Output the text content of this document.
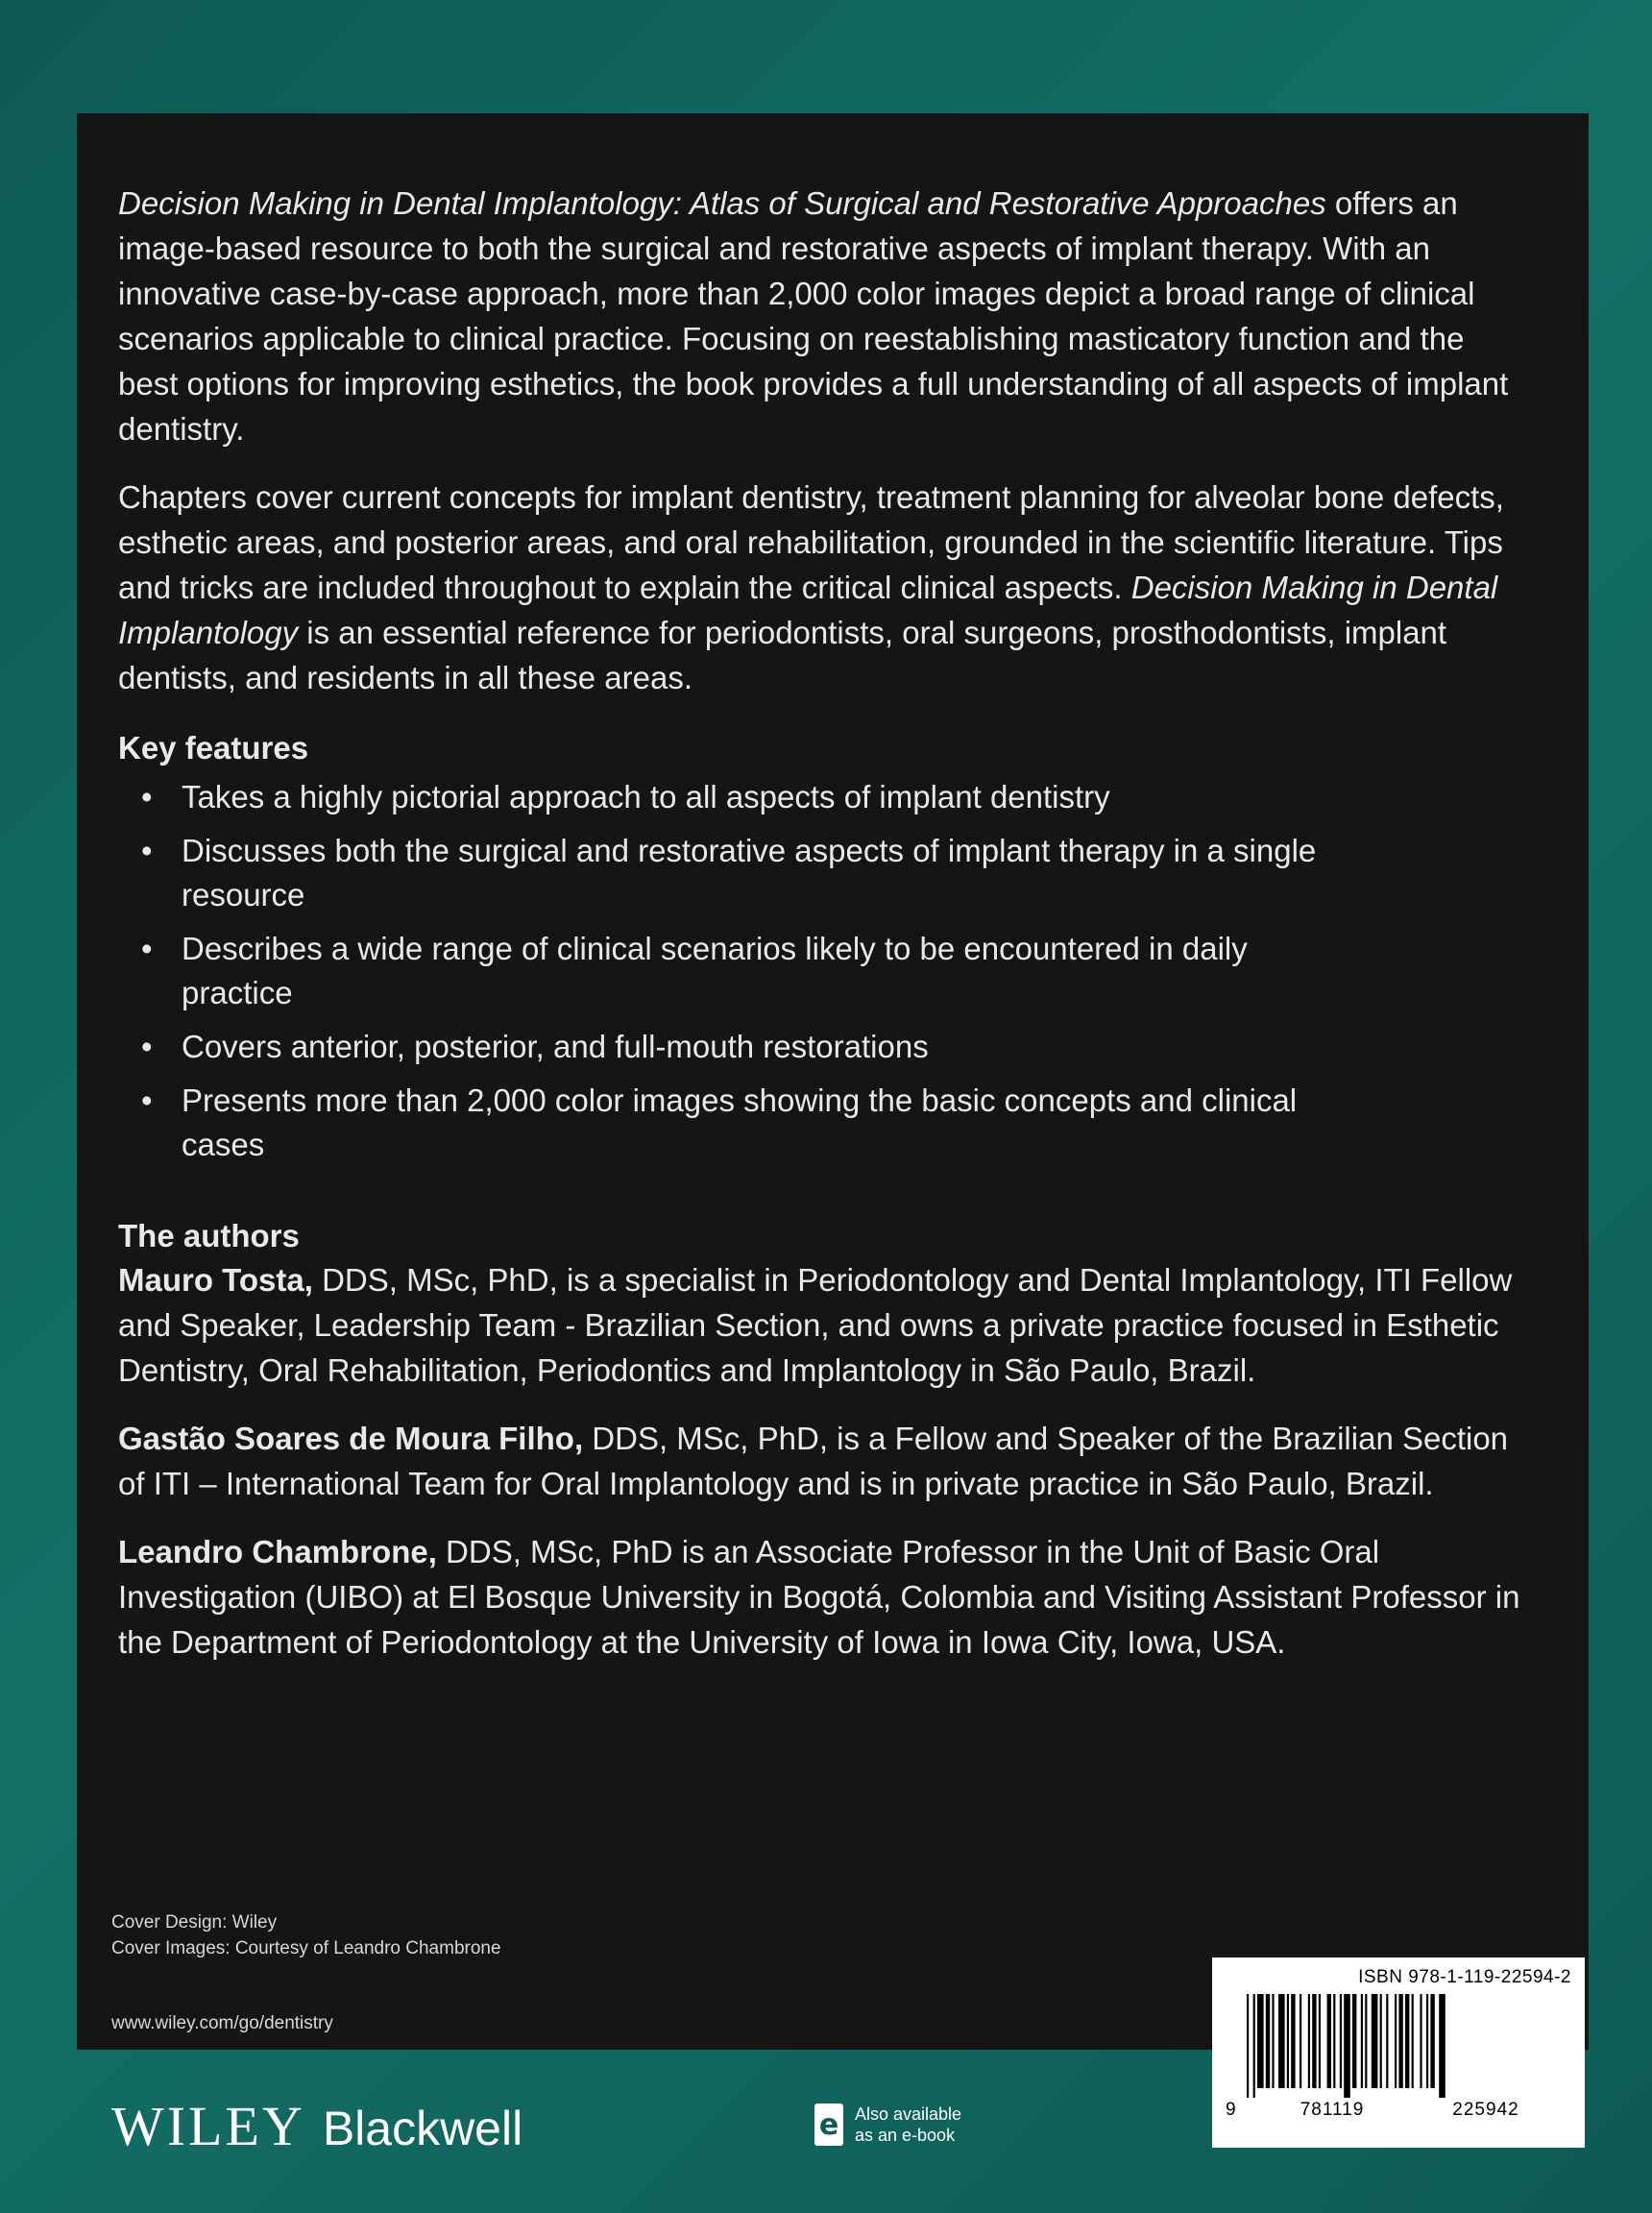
Decision Making in Dental Implantology: Atlas of Surgical and Restorative Approaches offers an image-based resource to both the surgical and restorative aspects of implant therapy. With an innovative case-by-case approach, more than 2,000 color images depict a broad range of clinical scenarios applicable to clinical practice. Focusing on reestablishing masticatory function and the best options for improving esthetics, the book provides a full understanding of all aspects of implant dentistry.

Chapters cover current concepts for implant dentistry, treatment planning for alveolar bone defects, esthetic areas, and posterior areas, and oral rehabilitation, grounded in the scientific literature. Tips and tricks are included throughout to explain the critical clinical aspects. Decision Making in Dental Implantology is an essential reference for periodontists, oral surgeons, prosthodontists, implant dentists, and residents in all these areas.

Key features

• Takes a highly pictorial approach to all aspects of implant dentistry
• Discusses both the surgical and restorative aspects of implant therapy in a single resource
• Describes a wide range of clinical scenarios likely to be encountered in daily practice
• Covers anterior, posterior, and full-mouth restorations
• Presents more than 2,000 color images showing the basic concepts and clinical cases

The authors

Mauro Tosta, DDS, MSc, PhD, is a specialist in Periodontology and Dental Implantology, ITI Fellow and Speaker, Leadership Team - Brazilian Section, and owns a private practice focused in Esthetic Dentistry, Oral Rehabilitation, Periodontics and Implantology in São Paulo, Brazil.

Gastão Soares de Moura Filho, DDS, MSc, PhD, is a Fellow and Speaker of the Brazilian Section of ITI – International Team for Oral Implantology and is in private practice in São Paulo, Brazil.

Leandro Chambrone, DDS, MSc, PhD is an Associate Professor in the Unit of Basic Oral Investigation (UIBO) at El Bosque University in Bogotá, Colombia and Visiting Assistant Professor in the Department of Periodontology at the University of Iowa in Iowa City, Iowa, USA.

Cover Design: Wiley
Cover Images: Courtesy of Leandro Chambrone
www.wiley.com/go/dentistry
ISBN 978-1-119-22594-2
9	781119	225942
WILEY Blackwell	e Also available
as an e-book
